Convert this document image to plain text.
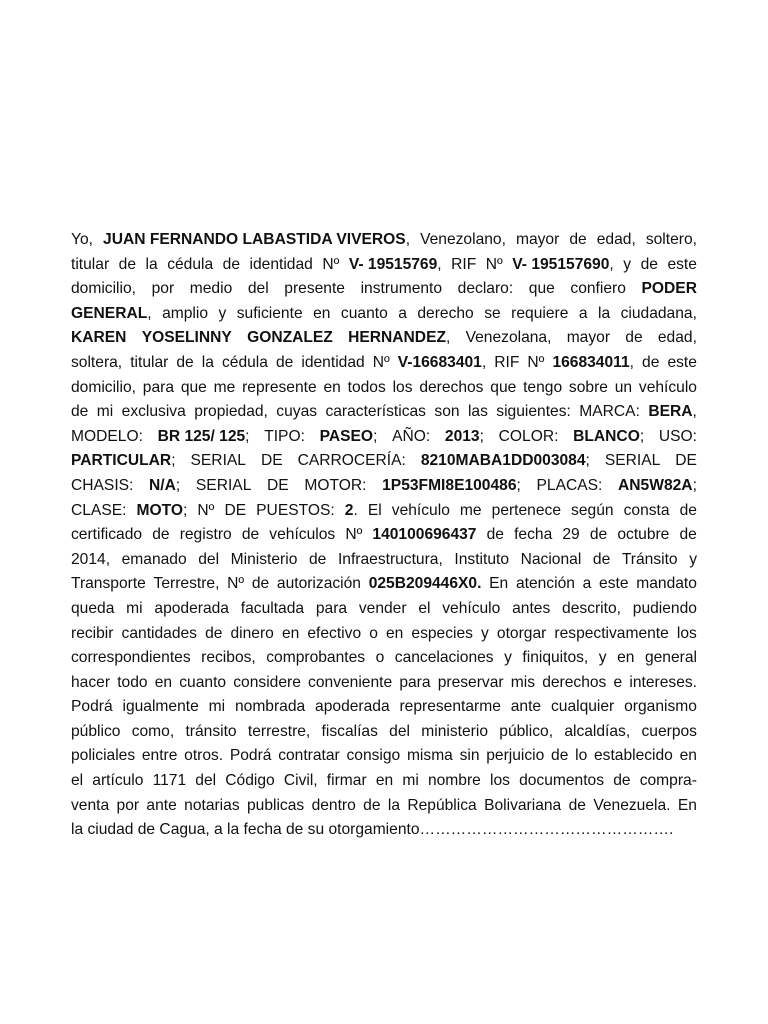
Yo, JUAN FERNANDO LABASTIDA VIVEROS, Venezolano, mayor de edad, soltero,
titular de la cédula de identidad Nº V- 19515769, RIF Nº V- 195157690, y de este
domicilio, por medio del presente instrumento declaro: que confiero PODER
GENERAL, amplio y suficiente en cuanto a derecho se requiere a la ciudadana,
KAREN YOSELINNY GONZALEZ HERNANDEZ, Venezolana, mayor de edad,
soltera, titular de la cédula de identidad Nº V-16683401, RIF Nº 166834011, de este
domicilio, para que me represente en todos los derechos que tengo sobre un vehículo
de mi exclusiva propiedad, cuyas características son las siguientes: MARCA: BERA,
MODELO: BR 125/ 125; TIPO: PASEO; AÑO: 2013; COLOR: BLANCO; USO:
PARTICULAR; SERIAL DE CARROCERÍA: 8210MABA1DD003084; SERIAL DE
CHASIS: N/A; SERIAL DE MOTOR: 1P53FMI8E100486; PLACAS: AN5W82A;
CLASE: MOTO; Nº DE PUESTOS: 2. El vehículo me pertenece según consta de
certificado de registro de vehículos Nº 140100696437 de fecha 29 de octubre de
2014, emanado del Ministerio de Infraestructura, Instituto Nacional de Tránsito y
Transporte Terrestre, Nº de autorización 025B209446X0. En atención a este mandato
queda mi apoderada facultada para vender el vehículo antes descrito, pudiendo
recibir cantidades de dinero en efectivo o en especies y otorgar respectivamente los
correspondientes recibos, comprobantes o cancelaciones y finiquitos, y en general
hacer todo en cuanto considere conveniente para preservar mis derechos e intereses.
Podrá igualmente mi nombrada apoderada representarme ante cualquier organismo
público como, tránsito terrestre, fiscalías del ministerio público, alcaldías, cuerpos
policiales entre otros. Podrá contratar consigo misma sin perjuicio de lo establecido en
el artículo 1171 del Código Civil, firmar en mi nombre los documentos de compra-
venta por ante notarias publicas dentro de la República Bolivariana de Venezuela. En
la ciudad de Cagua, a la fecha de su otorgamiento………………………………………….
